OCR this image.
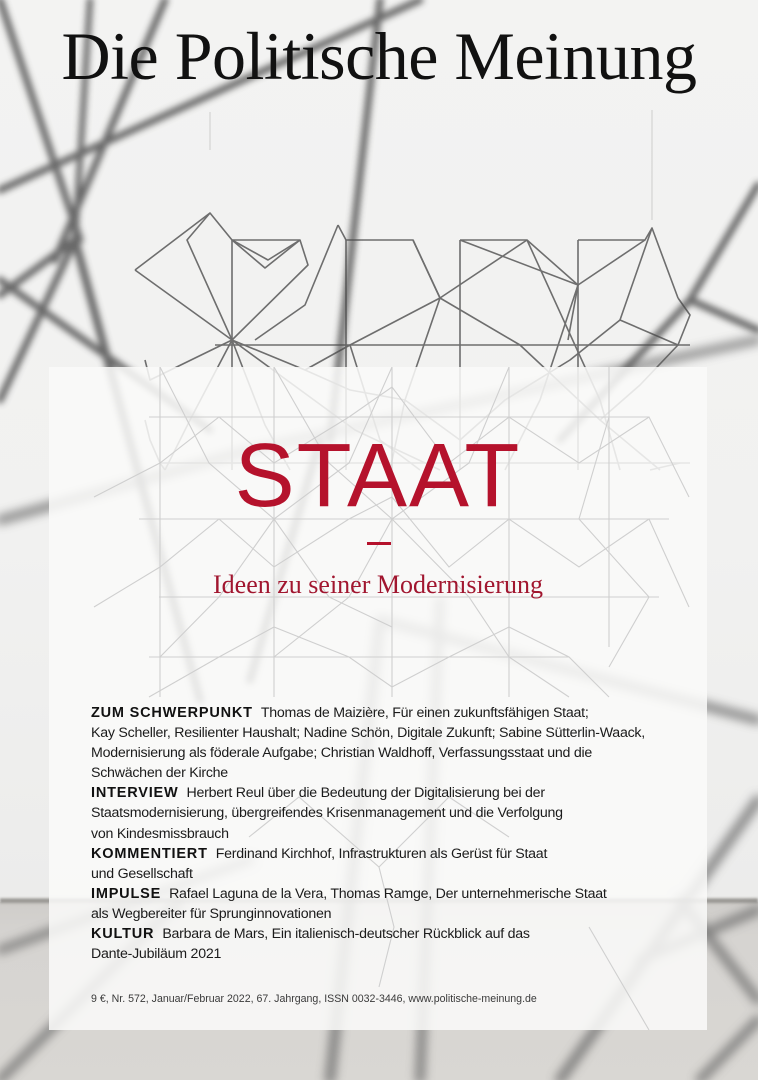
Die Politische Meinung
STAAT
Ideen zu seiner Modernisierung
ZUM SCHWERPUNKT Thomas de Maizière, Für einen zukunftsfähigen Staat;
Kay Scheller, Resilienter Haushalt; Nadine Schön, Digitale Zukunft; Sabine Sütterlin-Waack,
Modernisierung als föderale Aufgabe; Christian Waldhoff, Verfassungsstaat und die
Schwächen der Kirche
INTERVIEW Herbert Reul über die Bedeutung der Digitalisierung bei der
Staatsmodernisierung, übergreifendes Krisenmanagement und die Verfolgung
von Kindesmissbrauch
KOMMENTIERT Ferdinand Kirchhof, Infrastrukturen als Gerüst für Staat
und Gesellschaft
IMPULSE Rafael Laguna de la Vera, Thomas Ramge, Der unternehmerische Staat
als Wegbereiter für Sprunginnovationen
KULTUR Barbara de Mars, Ein italienisch-deutscher Rückblick auf das
Dante-Jubiläum 2021
9 €, Nr. 572, Januar/Februar 2022, 67. Jahrgang, ISSN 0032-3446, www.politische-meinung.de
